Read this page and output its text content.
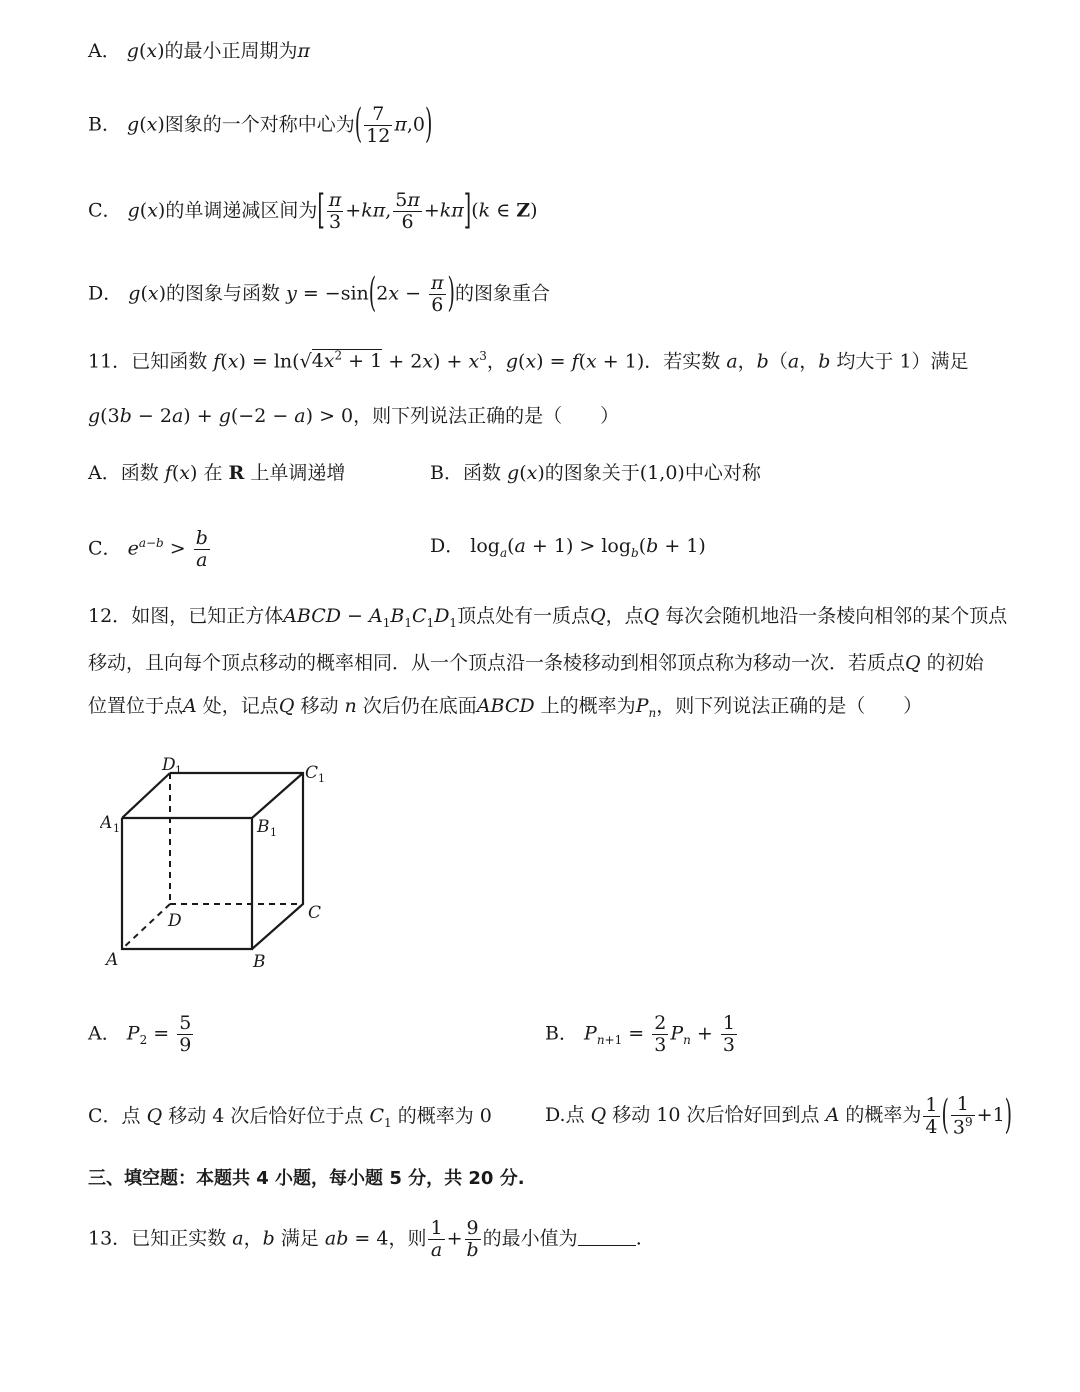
A． g(x)的最小正周期为π
B． g(x)图象的一个对称中心为( $\frac{7}{12} \pi,0$)
C． g(x)的单调递减区间为[ $\frac{\pi}{3} +k\pi$, $\frac{5\pi}{6} +k\pi](k$ ∈ Z)
D． g(x)的图象与函数 $y = -\sin(2x - \frac{\pi}{6}$ )的图象重合
11．已知函数 $f(x) = \ln(√4x^2 + 1 + 2x) + x^3$，g(x) = f(x + 1)．若实数 a，b（a，b 均大于 1）满足
g(3b − 2a) + g(−2 − a) > 0，则下列说法正确的是（　　）
A．函数 f(x) 在 R 上单调递增	B．函数 g(x)的图象关于(1,0)中心对称
C． $e^{a-b} > \frac{b}{a}$	D． $\log_a(a + 1) > \log_b(b + 1)$
12．如图，已知正方体ABCD − $A_1B_1C_1D_1$顶点处有一质点Q，点Q 每次会随机地沿一条棱向相邻的某个顶点
移动，且向每个顶点移动的概率相同．从一个顶点沿一条棱移动到相邻顶点称为移动一次．若质点Q 的初始
位置位于点A 处，记点Q 移动 n 次后仍在底面ABCD 上的概率为$P_n$，则下列说法正确的是（　　）
D 1	C 1
A 1	B 1
D	C
A	B
A． $P_2 = \frac{5}{9}$	B． $P_{n+1} = \frac{2}{3} P_n + \frac{1}{3}$
C．点 Q 移动 4 次后恰好位于点 $C_1$ 的概率为 0	D.点 Q 移动 10 次后恰好回到点 A 的概率为 $\frac{1}{4}$ ( $\frac{1}{3^9} +1$)
三、填空题：本题共 4 小题，每小题 5 分，共 20 分.
13．已知正实数 a，b 满足 ab = 4，则 $\frac{1}{a} + \frac{9}{b}$ 的最小值为	.
